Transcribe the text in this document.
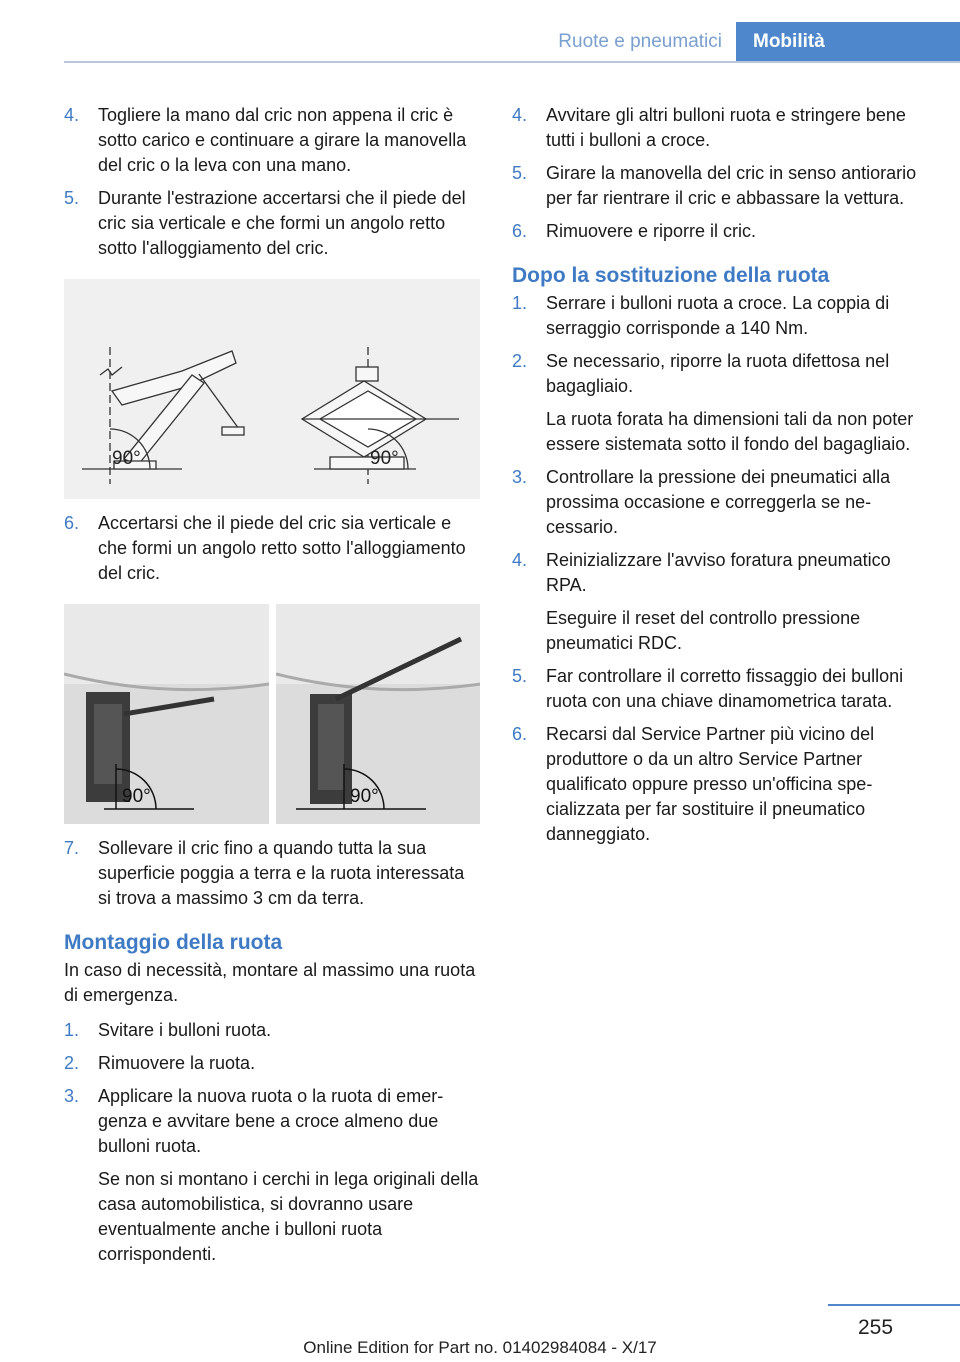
Ruote e pneumatici	Mobilità
4.	Togliere la mano dal cric non appena il cric è sotto carico e continuare a girare la manovella del cric o la leva con una mano.

5.	Durante l'estrazione accertarsi che il piede del cric sia verticale e che formi un angolo retto sotto l'alloggiamento del cric.

90°	90°
6.	Accertarsi che il piede del cric sia verticale e che formi un angolo retto sotto l'alloggiamento del cric.

90°	90°
7.	Sollevare il cric fino a quando tutta la sua superficie poggia a terra e la ruota interessata si trova a massimo 3 cm da terra.

Montaggio della ruota

In caso di necessità, montare al massimo una ruota di emergenza.

1.	Svitare i bulloni ruota.

2.	Rimuovere la ruota.

3.	Applicare la nuova ruota o la ruota di emergenza e avvitare bene a croce almeno due bulloni ruota.

Se non si montano i cerchi in lega originali della casa automobilistica, si dovranno usare eventualmente anche i bulloni ruota corrispondenti.

4.	Avvitare gli altri bulloni ruota e stringere bene tutti i bulloni a croce.

5.	Girare la manovella del cric in senso antiorario per far rientrare il cric e abbassare la vettura.

6.	Rimuovere e riporre il cric.

Dopo la sostituzione della ruota
1.	Serrare i bulloni ruota a croce. La coppia di serraggio corrisponde a 140 Nm.

2.	Se necessario, riporre la ruota difettosa nel bagagliaio.

La ruota forata ha dimensioni tali da non poter essere sistemata sotto il fondo del bagagliaio.

3.	Controllare la pressione dei pneumatici alla prossima occasione e correggerla se necessario.

4.	Reinizializzare l'avviso foratura pneumatico RPA.

Eseguire il reset del controllo pressione pneumatici RDC.

5.	Far controllare il corretto fissaggio dei bulloni ruota con una chiave dinamometrica tarata.

6.	Recarsi dal Service Partner più vicino del produttore o da un altro Service Partner qualificato oppure presso un'officina specializzata per far sostituire il pneumatico danneggiato.

255
Online Edition for Part no. 01402984084 - X/17
